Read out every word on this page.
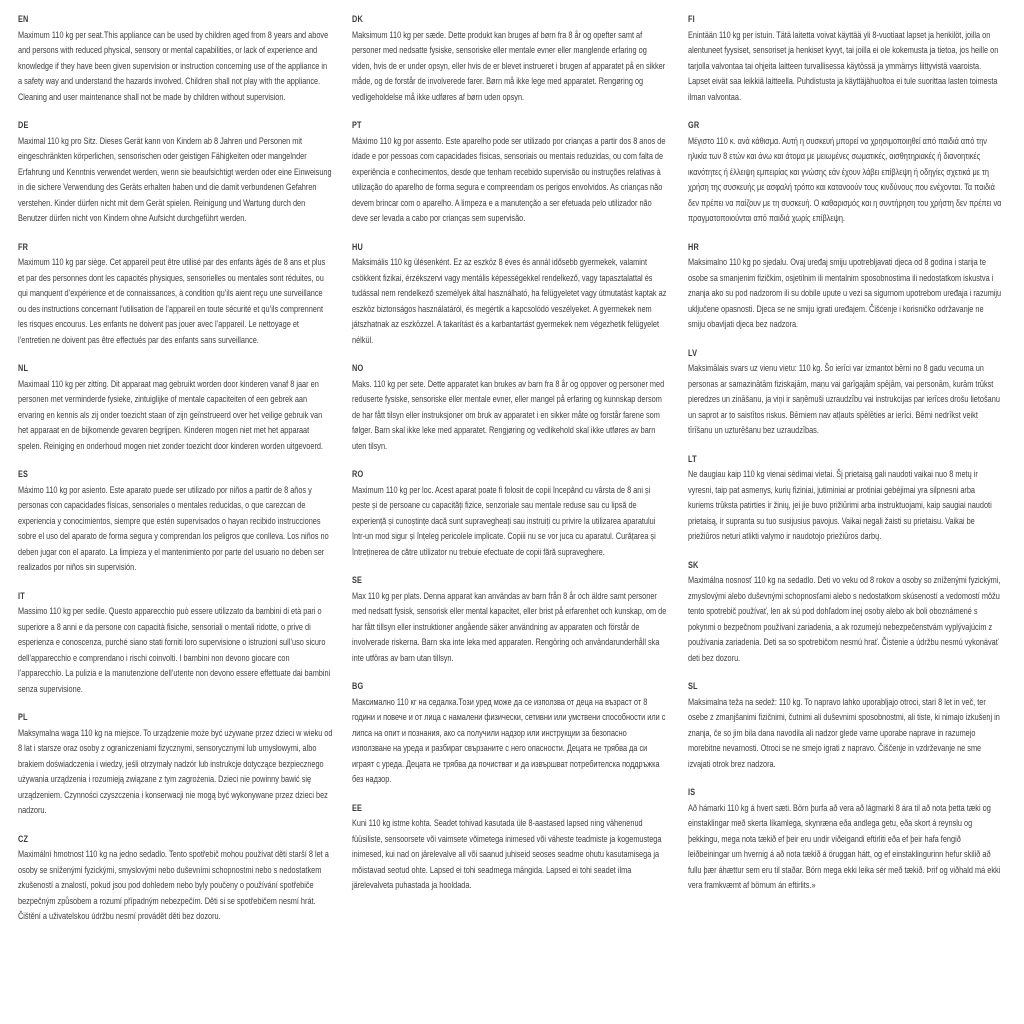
EN

Maximum 110 kg per seat.This appliance can be used by children aged from 8 years and above and persons with reduced physical, sensory or mental capabilities, or lack of experience and knowledge if they have been given supervision or instruction concerning use of the appliance in a safety way and understand the hazards involved. Children shall not play with the appliance. Cleaning and user maintenance shall not be made by children without supervision.

DE

Maximal 110 kg pro Sitz. Dieses Gerät kann von Kindern ab 8 Jahren und Personen mit eingeschränkten körperlichen, sensorischen oder geistigen Fähigkeiten oder mangelnder Erfahrung und Kenntnis verwendet werden, wenn sie beaufsichtigt werden oder eine Einweisung in die sichere Verwendung des Geräts erhalten haben und die damit verbundenen Gefahren verstehen. Kinder dürfen nicht mit dem Gerät spielen. Reinigung und Wartung durch den Benutzer dürfen nicht von Kindern ohne Aufsicht durchgeführt werden.

FR

Maximum 110 kg par siège. Cet appareil peut être utilisé par des enfants âgés de 8 ans et plus et par des personnes dont les capacités physiques, sensorielles ou mentales sont réduites, ou qui manquent d’expérience et de connaissances, à condition qu’ils aient reçu une surveillance ou des instructions concernant l’utilisation de l’appareil en toute sécurité et qu’ils comprennent les risques encourus. Les enfants ne doivent pas jouer avec l’appareil. Le nettoyage et l’entretien ne doivent pas être effectués par des enfants sans surveillance.

NL

Maximaal 110 kg per zitting. Dit apparaat mag gebruikt worden door kinderen vanaf 8 jaar en personen met verminderde fysieke, zintuiglijke of mentale capaciteiten of een gebrek aan ervaring en kennis als zij onder toezicht staan of zijn geïnstrueerd over het veilige gebruik van het apparaat en de bijkomende gevaren begrijpen. Kinderen mogen niet met het apparaat spelen. Reiniging en onderhoud mogen niet zonder toezicht door kinderen worden uitgevoerd.

ES

Máximo 110 kg por asiento. Este aparato puede ser utilizado por niños a partir de 8 años y personas con capacidades físicas, sensoriales o mentales reducidas, o que carezcan de experiencia y conocimientos, siempre que estén supervisados o hayan recibido instrucciones sobre el uso del aparato de forma segura y comprendan los peligros que conlleva. Los niños no deben jugar con el aparato. La limpieza y el mantenimiento por parte del usuario no deben ser realizados por niños sin supervisión.

IT

Massimo 110 kg per sedile. Questo apparecchio può essere utilizzato da bambini di età pari o superiore a 8 anni e da persone con capacità fisiche, sensoriali o mentali ridotte, o prive di esperienza e conoscenza, purché siano stati forniti loro supervisione o istruzioni sull’uso sicuro dell’apparecchio e comprendano i rischi coinvolti. I bambini non devono giocare con l’apparecchio. La pulizia e la manutenzione dell’utente non devono essere effettuate dai bambini senza supervisione.

PL

Maksymalna waga 110 kg na miejsce. To urządzenie może być używane przez dzieci w wieku od 8 lat i starsze oraz osoby z ograniczeniami fizycznymi, sensorycznymi lub umysłowymi, albo brakiem doświadczenia i wiedzy, jeśli otrzymały nadzór lub instrukcje dotyczące bezpiecznego używania urządzenia i rozumieją związane z tym zagrożenia. Dzieci nie powinny bawić się urządzeniem. Czynności czyszczenia i konserwacji nie mogą być wykonywane przez dzieci bez nadzoru.

CZ

Maximální hmotnost 110 kg na jedno sedadlo. Tento spotřebič mohou používat děti starší 8 let a osoby se sníženými fyzickými, smyslovými nebo duševními schopnostmi nebo s nedostatkem zkušeností a znalostí, pokud jsou pod dohledem nebo byly poučeny o používání spotřebiče bezpečným způsobem a rozumí případným nebezpečím. Děti si se spotřebičem nesmí hrát. Čištění a uživatelskou údržbu nesmí provádět děti bez dozoru.

DK

Maksimum 110 kg per sæde. Dette produkt kan bruges af børn fra 8 år og opefter samt af personer med nedsatte fysiske, sensoriske eller mentale evner eller manglende erfaring og viden, hvis de er under opsyn, eller hvis de er blevet instrueret i brugen af apparatet på en sikker måde, og de forstår de involverede farer. Børn må ikke lege med apparatet. Rengøring og vedligeholdelse må ikke udføres af børn uden opsyn.

PT

Máximo 110 kg por assento. Este aparelho pode ser utilizado por crianças a partir dos 8 anos de idade e por pessoas com capacidades físicas, sensoriais ou mentais reduzidas, ou com falta de experiência e conhecimentos, desde que tenham recebido supervisão ou instruções relativas à utilização do aparelho de forma segura e compreendam os perigos envolvidos. As crianças não devem brincar com o aparelho. A limpeza e a manutenção a ser efetuada pelo utilizador não deve ser levada a cabo por crianças sem supervisão.

HU

Maksimális 110 kg ülésenként. Ez az eszköz 8 éves és annál idősebb gyermekek, valamint csökkent fizikai, érzékszervi vagy mentális képességekkel rendelkező, vagy tapasztalattal és tudással nem rendelkező személyek által használható, ha felügyeletet vagy útmutatást kaptak az eszköz biztonságos használatáról, és megértik a kapcsolódó veszélyeket. A gyermekek nem játszhatnak az eszközzel. A takarítást és a karbantartást gyermekek nem végezhetik felügyelet nélkül.

NO

Maks. 110 kg per sete. Dette apparatet kan brukes av barn fra 8 år og oppover og personer med reduserte fysiske, sensoriske eller mentale evner, eller mangel på erfaring og kunnskap dersom de har fått tilsyn eller instruksjoner om bruk av apparatet i en sikker måte og forstår farene som følger. Barn skal ikke leke med apparatet. Rengjøring og vedlikehold skal ikke utføres av barn uten tilsyn.

RO

Maximum 110 kg per loc. Acest aparat poate fi folosit de copii începând cu vârsta de 8 ani și peste și de persoane cu capacități fizice, senzoriale sau mentale reduse sau cu lipsă de experiență și cunoștințe dacă sunt supravegheați sau instruiți cu privire la utilizarea aparatului într-un mod sigur și înțeleg pericolele implicate. Copiii nu se vor juca cu aparatul. Curățarea și întreținerea de către utilizator nu trebuie efectuate de copii fără supraveghere.

SE

Max 110 kg per plats. Denna apparat kan användas av barn från 8 år och äldre samt personer med nedsatt fysisk, sensorisk eller mental kapacitet, eller brist på erfarenhet och kunskap, om de har fått tillsyn eller instruktioner angående säker användning av apparaten och förstår de involverade riskerna. Barn ska inte leka med apparaten. Rengöring och användarunderhåll ska inte utföras av barn utan tillsyn.

BG

Максимално 110 кг на седалка.Този уред може да се използва от деца на възраст от 8 години и повече и от лица с намалени физически, сетивни или умствени способности или с липса на опит и познания, ако са получили надзор или инструкции за безопасно използване на уреда и разбират свързаните с него опасности. Децата не трябва да си играят с уреда. Децата не трябва да почистват и да извършват потребителска поддръжка без надзор.

EE

Kuni 110 kg istme kohta. Seadet tohivad kasutada üle 8-aastased lapsed ning vähenenud füüsiliste, sensoorsete või vaimsete võimetega inimesed või väheste teadmiste ja kogemustega inimesed, kui nad on järelevalve all või saanud juhiseid seoses seadme ohutu kasutamisega ja mõistavad seotud ohte. Lapsed ei tohi seadmega mängida. Lapsed ei tohi seadet ilma järelevalveta puhastada ja hooldada.

FI

Enintään 110 kg per istuin. Tätä laitetta voivat käyttää yli 8-vuotiaat lapset ja henkilöt, joilla on alentuneet fyysiset, sensoriset ja henkiset kyvyt, tai joilla ei ole kokemusta ja tietoa, jos heille on tarjolla valvontaa tai ohjeita laitteen turvallisessa käytössä ja ymmärrys liittyvistä vaaroista. Lapset eivät saa leikkiä laitteella. Puhdistusta ja käyttäjähuoltoa ei tule suorittaa lasten toimesta ilman valvontaa.

GR

Μέγιστο 110 κ. ανά κάθισμα. Αυτή η συσκευή μπορεί να χρησιμοποιηθεί από παιδιά από την ηλικία των 8 ετών και άνω και άτομα με μειωμένες σωματικές, αισθητηριακές ή διανοητικές ικανότητες ή έλλειψη εμπειρίας και γνώσης εάν έχουν λάβει επίβλεψη ή οδηγίες σχετικά με τη χρήση της συσκευής με ασφαλή τρόπο και κατανοούν τους κινδύνους που ενέχονται. Τα παιδιά δεν πρέπει να παίζουν με τη συσκευή. Ο καθαρισμός και η συντήρηση του χρήστη δεν πρέπει να πραγματοποιούνται από παιδιά χωρίς επίβλεψη.

HR

Maksimalno 110 kg po sjedalu. Ovaj uređaj smiju upotrebljavati djeca od 8 godina i starija te osobe sa smanjenim fizičkim, osjetilnim ili mentalnim sposobnostima ili nedostatkom iskustva i znanja ako su pod nadzorom ili su dobile upute u vezi sa sigurnom upotrebom uređaja i razumiju uključene opasnosti. Djeca se ne smiju igrati uređajem. Čišćenje i korisničko održavanje ne smiju obavljati djeca bez nadzora.

LV

Maksimālais svars uz vienu vietu: 110 kg. Šo ierīci var izmantot bērni no 8 gadu vecuma un personas ar samazinātām fiziskajām, maņu vai garīgajām spējām, vai personām, kurām trūkst pieredzes un zināšanu, ja viņi ir saņēmuši uzraudzību vai instrukcijas par ierīces drošu lietošanu un saprot ar to saistītos riskus. Bērniem nav atļauts spēlēties ar ierīci. Bērni nedrīkst veikt tīrīšanu un uzturēšanu bez uzraudzības.

LT

Ne daugiau kaip 110 kg vienai sėdimai vietai. Šį prietaisą gali naudoti vaikai nuo 8 metų ir vyresni, taip pat asmenys, kurių fiziniai, jutiminiai ar protiniai gebėjimai yra silpnesni arba kuriems trūksta patirties ir žinių, jei jie buvo prižiūrimi arba instruktuojami, kaip saugiai naudoti prietaisą, ir supranta su tuo susijusius pavojus. Vaikai negali žaisti su prietaisu. Vaikai be priežiūros neturi atlikti valymo ir naudotojo priežiūros darbų.

SK

Maximálna nosnosť 110 kg na sedadlo. Deti vo veku od 8 rokov a osoby so zníženými fyzickými, zmyslovými alebo duševnými schopnosťami alebo s nedostatkom skúseností a vedomostí môžu tento spotrebič používať, len ak sú pod dohľadom inej osoby alebo ak boli oboznámené s pokynmi o bezpečnom používaní zariadenia, a ak rozumejú nebezpečenstvám vyplývajúcim z používania zariadenia. Deti sa so spotrebičom nesmú hrať. Čistenie a údržbu nesmú vykonávať deti bez dozoru.

SL

Maksimalna teža na sedež: 110 kg. To napravo lahko uporabljajo otroci, stari 8 let in več, ter osebe z zmanjšanimi fizičnimi, čutnimi ali duševnimi sposobnostmi, ali tiste, ki nimajo izkušenj in znanja, če so jim bila dana navodila ali nadzor glede varne uporabe naprave in razumejo morebitne nevarnosti. Otroci se ne smejo igrati z napravo. Čiščenje in vzdrževanje ne sme izvajati otrok brez nadzora.

IS

Að hámarki 110 kg á hvert sæti. Börn þurfa að vera að lágmarki 8 ára til að nota þetta tæki og einstaklingar með skerta líkamlega, skynræna eða andlega getu, eða skort á reynslu og þekkingu, mega nota tækið ef þeir eru undir viðeigandi eftirliti eða ef þeir hafa fengið leiðbeiningar um hvernig á að nota tækið á öruggan hátt, og ef einstaklingurinn hefur skilið að fullu þær áhættur sem eru til staðar. Börn mega ekki leika sér með tækið. Þrif og viðhald má ekki vera framkvæmt af börnum án eftirlits.»
